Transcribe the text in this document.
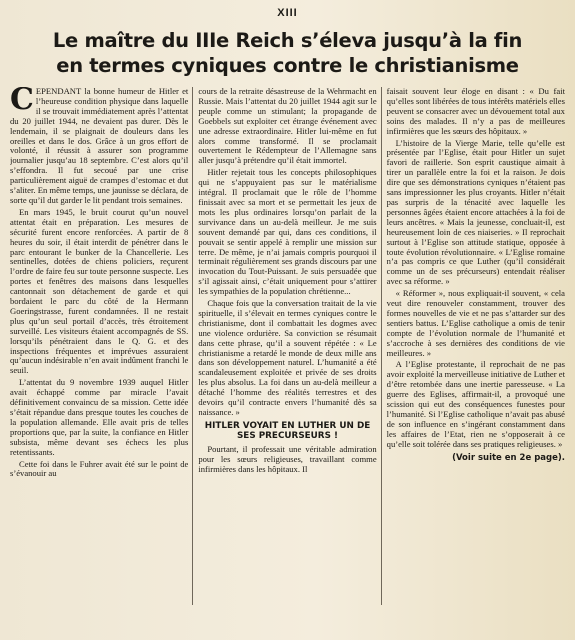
XIII
Le maître du IIIe Reich s’éleva jusqu’à la fin
en termes cyniques contre le christianisme

CEPENDANT la bonne humeur de Hitler et l’heureuse condition physique dans laquelle il se trouvait immédiatement après l’attentat du 20 juillet 1944, ne devaient pas durer. Dès le lendemain, il se plaignait de douleurs dans les oreilles et dans le dos. Grâce à un gros effort de volonté, il réussit à assurer son programme journalier jusqu’au 18 septembre. C’est alors qu’il s’effondra. Il fut secoué par une crise particulièrement aiguë de crampes d’estomac et dut s’aliter. En même temps, une jaunisse se déclara, de sorte qu’il dut garder le lit pendant trois semaines.

En mars 1945, le bruit courut qu’un nouvel attentat était en préparation. Les mesures de sécurité furent encore renforcées. A partir de 8 heures du soir, il était interdit de pénétrer dans le parc entourant le bunker de la Chancellerie. Les sentinelles, dotées de chiens policiers, reçurent l’ordre de faire feu sur toute personne suspecte. Les portes et fenêtres des maisons dans lesquelles cantonnait son détachement de garde et qui bordaient le parc du côté de la Hermann Goeringstrasse, furent condamnées. Il ne restait plus qu’un seul portail d’accès, très étroitement surveillé. Les visiteurs étaient accompagnés de SS. lorsqu’ils pénétraient dans le Q. G. et des inspections fréquentes et imprévues assuraient qu’aucun indésirable n’en avait indûment franchi le seuil.

L’attentat du 9 novembre 1939 auquel Hitler avait échappé comme par miracle l’avait définitivement convaincu de sa mission. Cette idée s’était répandue dans presque toutes les couches de la population allemande. Elle avait pris de telles proportions que, par la suite, la confiance en Hitler subsista, même devant ses échecs les plus retentissants.

Cette foi dans le Fuhrer avait été sur le point de s’évanouir au

cours de la retraite désastreuse de la Wehrmacht en Russie. Mais l’attentat du 20 juillet 1944 agit sur le peuple comme un stimulant; la propagande de Goebbels sut exploiter cet étrange événement avec une adresse extraordinaire. Hitler lui-même en fut alors comme transformé. Il se proclamait ouvertement le Rédempteur de l’Allemagne sans aller jusqu’à prétendre qu’il était immortel.

Hitler rejetait tous les concepts philosophiques qui ne s’appuyaient pas sur le matérialisme intégral. Il proclamait que le rôle de l’homme finissait avec sa mort et se permettait les jeux de mots les plus ordinaires lorsqu’on parlait de la survivance dans un au-delà meilleur. Je me suis souvent demandé par qui, dans ces conditions, il pouvait se sentir appelé à remplir une mission sur terre. De même, je n’ai jamais compris pourquoi il terminait régulièrement ses grands discours par une invocation du Tout-Puissant. Je suis persuadée que s’il agissait ainsi, c’était uniquement pour s’attirer les sympathies de la population chrétienne...

Chaque fois que la conversation traitait de la vie spirituelle, il s’élevait en termes cyniques contre le christianisme, dont il combattait les dogmes avec une violence ordurière. Sa conviction se résumait dans cette phrase, qu’il a souvent répétée : « Le christianisme a retardé le monde de deux mille ans dans son développement naturel. L’humanité a été scandaleusement exploitée et privée de ses droits les plus absolus. La foi dans un au-delà meilleur a détaché l’homme des réalités terrestres et des devoirs qu’il contracte envers l’humanité dès sa naissance. »

HITLER VOYAIT EN LUTHER UN DE SES PRECURSEURS !

Pourtant, il professait une véritable admiration pour les sœurs religieuses, travaillant comme infirmières dans les hôpitaux. Il

faisait souvent leur éloge en disant : « Du fait qu’elles sont libérées de tous intérêts matériels elles peuvent se consacrer avec un dévouement total aux soins des malades. Il n’y a pas de meilleures infirmières que les sœurs des hôpitaux. »

L’histoire de la Vierge Marie, telle qu’elle est présentée par l’Eglise, était pour Hitler un sujet favori de raillerie. Son esprit caustique aimait à tirer un parallèle entre la foi et la raison. Je dois dire que ses démonstrations cyniques n’étaient pas sans impressionner les plus croyants. Hitler n’était pas surpris de la ténacité avec laquelle les personnes âgées étaient encore attachées à la foi de leurs ancêtres. « Mais la jeunesse, concluait-il, est heureusement loin de ces niaiseries. » Il reprochait surtout à l’Eglise son attitude statique, opposée à toute évolution révolutionnaire. « L’Eglise romaine n’a pas compris ce que Luther (qu’il considérait comme un de ses précurseurs) entendait réaliser avec sa réforme. »

« Réformer », nous expliquait-il souvent, « cela veut dire renouveler constamment, trouver des formes nouvelles de vie et ne pas s’attarder sur des sentiers battus. L’Eglise catholique a omis de tenir compte de l’évolution normale de l’humanité et s’accroche à ses dernières des conditions de vie meilleures. »

A l’Eglise protestante, il reprochait de ne pas avoir exploité la merveilleuse initiative de Luther et d’être retombée dans une inertie paresseuse. « La guerre des Eglises, affirmait-il, a provoqué une scission qui eut des conséquences funestes pour l’humanité. Si l’Eglise catholique n’avait pas abusé de son influence en s’ingérant constamment dans les affaires de l’Etat, rien ne s’opposerait à ce qu’elle soit tolérée dans ses pratiques religieuses. »

(Voir suite en 2e page).
